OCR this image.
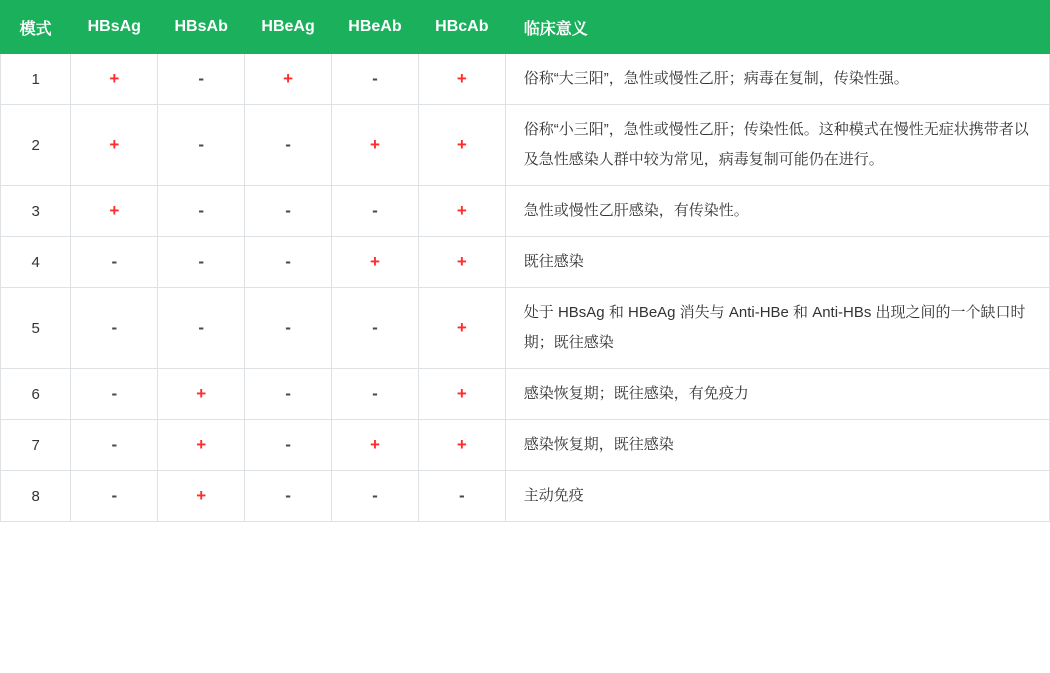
模式	HBsAg	HBsAb	HBeAg	HBeAb	HBcAb	临床意义
1	+	-	+	-	+	俗称“大三阳”，急性或慢性乙肝；病毒在复制，传染性强。
2	+	-	-	+	+	俗称“小三阳”，急性或慢性乙肝；传染性低。这种模式在慢性无症状携带者以及急性感染人群中较为常见，病毒复制可能仍在进行。
3	+	-	-	-	+	急性或慢性乙肝感染，有传染性。
4	-	-	-	+	+	既往感染
5	-	-	-	-	+	处于 HBsAg 和 HBeAg 消失与 Anti-HBe 和 Anti-HBs 出现之间的一个缺口时期；既往感染
6	-	+	-	-	+	感染恢复期；既往感染，有免疫力
7	-	+	-	+	+	感染恢复期，既往感染
8	-	+	-	-	-	主动免疫
